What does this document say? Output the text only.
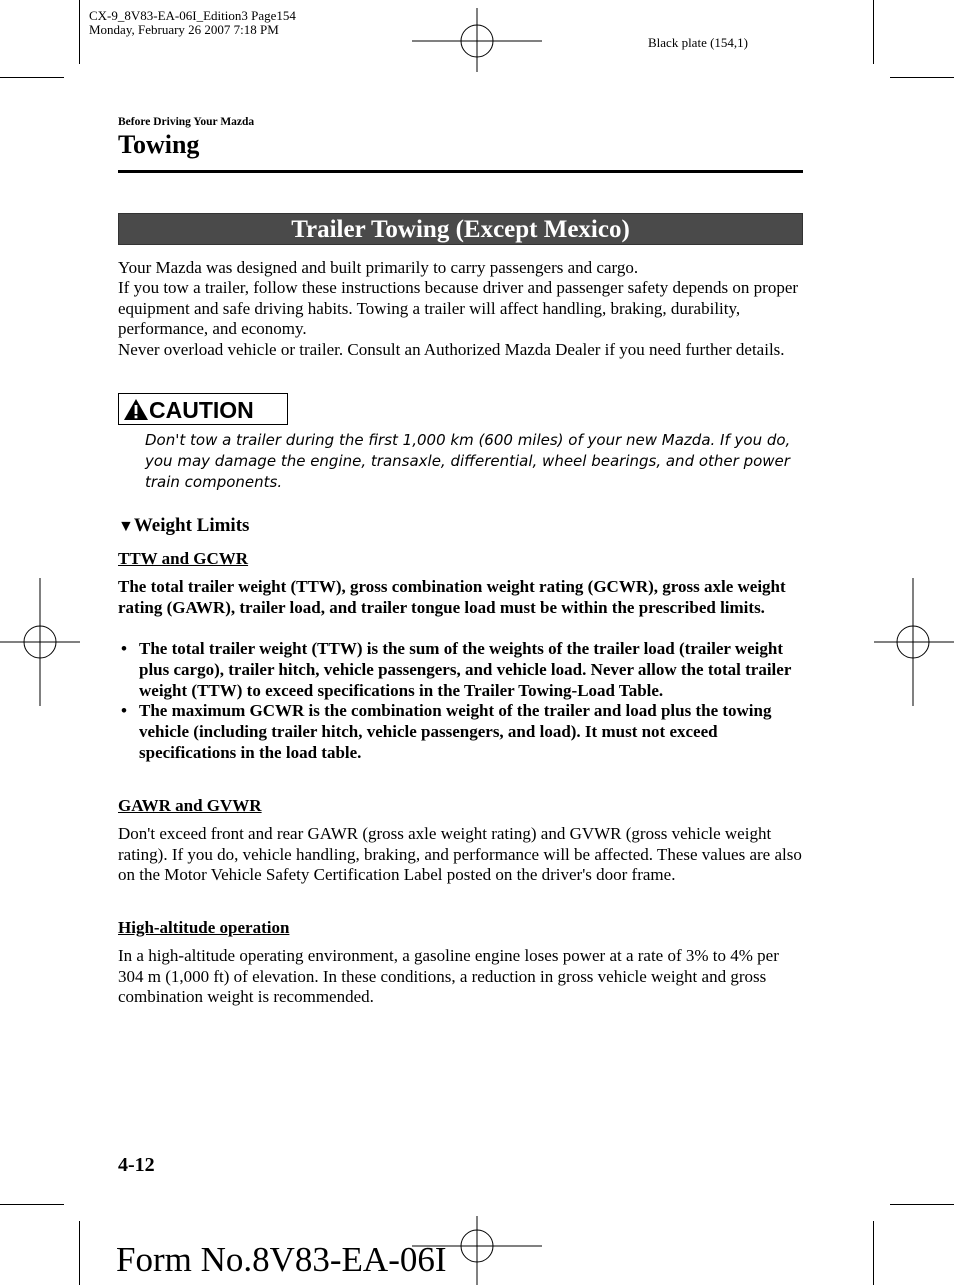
CX-9_8V83-EA-06I_Edition3 Page154
Monday, February 26 2007 7:18 PM
Black plate (154,1)
Before Driving Your Mazda
Towing
Trailer Towing (Except Mexico)
Your Mazda was designed and built primarily to carry passengers and cargo.
If you tow a trailer, follow these instructions because driver and passenger safety depends on proper equipment and safe driving habits. Towing a trailer will affect handling, braking, durability, performance, and economy.
Never overload vehicle or trailer. Consult an Authorized Mazda Dealer if you need further details.
CAUTION
Don't tow a trailer during the first 1,000 km (600 miles) of your new Mazda. If you do, you may damage the engine, transaxle, differential, wheel bearings, and other power train components.
▼Weight Limits
TTW and GCWR
The total trailer weight (TTW), gross combination weight rating (GCWR), gross axle weight rating (GAWR), trailer load, and trailer tongue load must be within the prescribed limits.
• The total trailer weight (TTW) is the sum of the weights of the trailer load (trailer weight plus cargo), trailer hitch, vehicle passengers, and vehicle load. Never allow the total trailer weight (TTW) to exceed specifications in the Trailer Towing-Load Table.
• The maximum GCWR is the combination weight of the trailer and load plus the towing vehicle (including trailer hitch, vehicle passengers, and load). It must not exceed specifications in the load table.
GAWR and GVWR
Don't exceed front and rear GAWR (gross axle weight rating) and GVWR (gross vehicle weight rating). If you do, vehicle handling, braking, and performance will be affected. These values are also on the Motor Vehicle Safety Certification Label posted on the driver's door frame.
High-altitude operation
In a high-altitude operating environment, a gasoline engine loses power at a rate of 3% to 4% per 304 m (1,000 ft) of elevation. In these conditions, a reduction in gross vehicle weight and gross combination weight is recommended.
4-12
Form No.8V83-EA-06I
